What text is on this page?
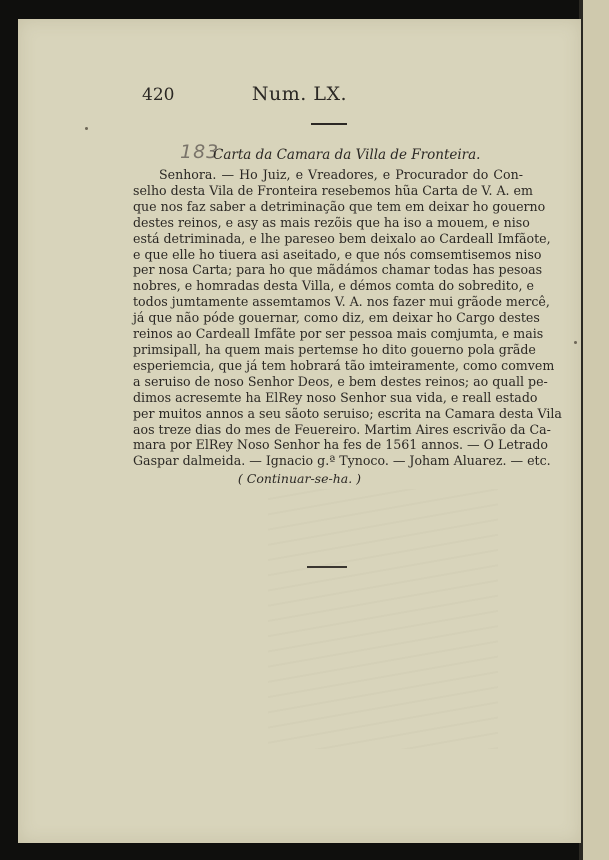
420	Num. LX.
183
Carta da Camara da Villa de Fronteira.

Senhora. — Ho Juiz, e Vreadores, e Procurador do Con-
selho desta Vila de Fronteira resebemos hũa Carta de V. A. em
que nos faz saber a detriminação que tem em deixar ho gouerno
destes reinos, e asy as mais rezõis que ha iso a mouem, e niso
está detriminada, e lhe pareseo bem deixalo ao Cardeall Imfãote,
e que elle ho tiuera asi aseitado, e que nós comsemtisemos niso
per nosa Carta; para ho que mãdámos chamar todas has pesoas
nobres, e homradas desta Villa, e démos comta do sobredito, e
todos jumtamente assemtamos V. A. nos fazer mui grãode mercê,
já que não póde gouernar, como diz, em deixar ho Cargo destes
reinos ao Cardeall Imfãte por ser pessoa mais comjumta, e mais
primsipall, ha quem mais pertemse ho dito gouerno pola grãde
esperiemcia, que já tem hobrará tão imteiramente, como comvem
a seruiso de noso Senhor Deos, e bem destes reinos; ao quall pe-
dimos acresemte ha ElRey noso Senhor sua vida, e reall estado
per muitos annos a seu sãoto seruiso; escrita na Camara desta Vila
aos treze dias do mes de Feuereiro. Martim Aires escrivão da Ca-
mara por ElRey Noso Senhor ha fes de 1561 annos. — O Letrado
Gaspar dalmeida. — Ignacio g.ª Tynoco. — Joham Aluarez. — etc.

( Continuar-se-ha. )
